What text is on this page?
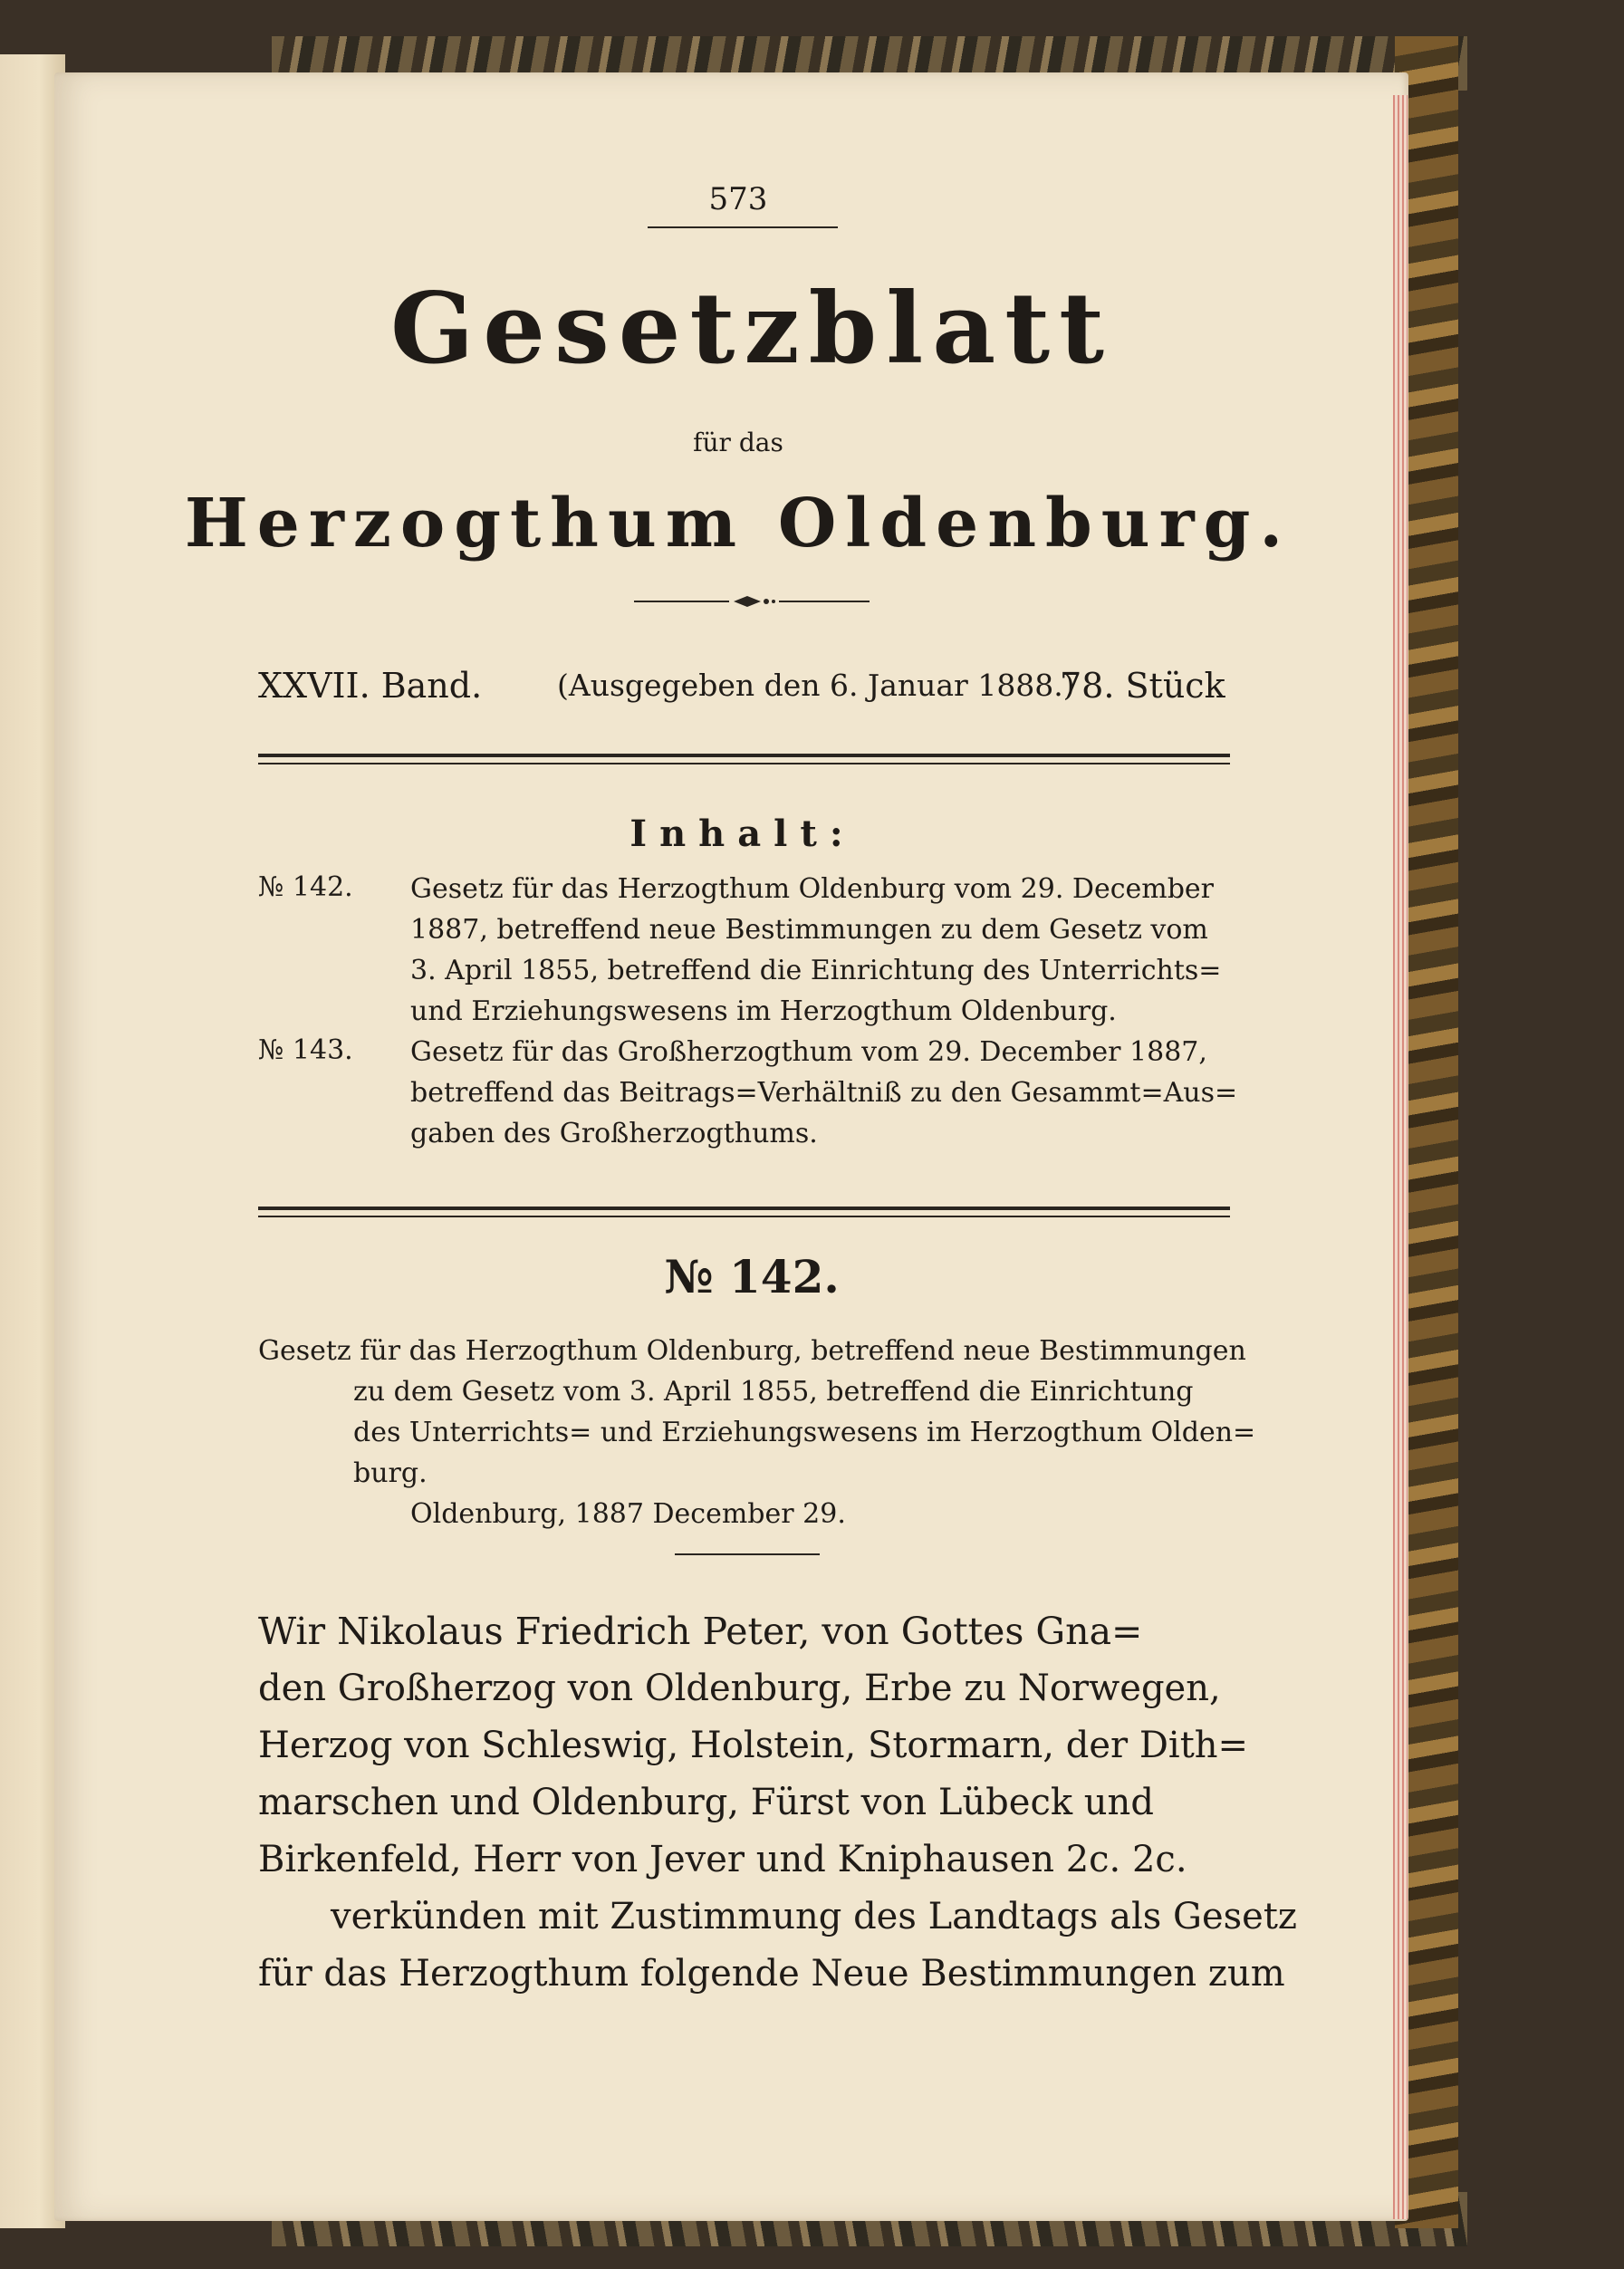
573
Gesetzblatt
für das
Herzogthum Oldenburg.
XXVII. Band.	(Ausgegeben den 6. Januar 1888.)
78. Stück
Inhalt:
№ 142. Gesetz für das Herzogthum Oldenburg vom 29. December
1887, betreffend neue Bestimmungen zu dem Gesetz vom
3. April 1855, betreffend die Einrichtung des Unterrichts=
und Erziehungswesens im Herzogthum Oldenburg.
№ 143. Gesetz für das Großherzogthum vom 29. December 1887,
betreffend das Beitrags=Verhältniß zu den Gesammt=Aus=
gaben des Großherzogthums.
№ 142.
Gesetz für das Herzogthum Oldenburg, betreffend neue Bestimmungen
zu dem Gesetz vom 3. April 1855, betreffend die Einrichtung
des Unterrichts= und Erziehungswesens im Herzogthum Olden=
burg.
Oldenburg, 1887 December 29.
Wir Nikolaus Friedrich Peter, von Gottes Gna=
den Großherzog von Oldenburg, Erbe zu Norwegen,
Herzog von Schleswig, Holstein, Stormarn, der Dith=
marschen und Oldenburg, Fürst von Lübeck und
Birkenfeld, Herr von Jever und Kniphausen 2c. 2c.
verkünden mit Zustimmung des Landtags als Gesetz
für das Herzogthum folgende Neue Bestimmungen zum
